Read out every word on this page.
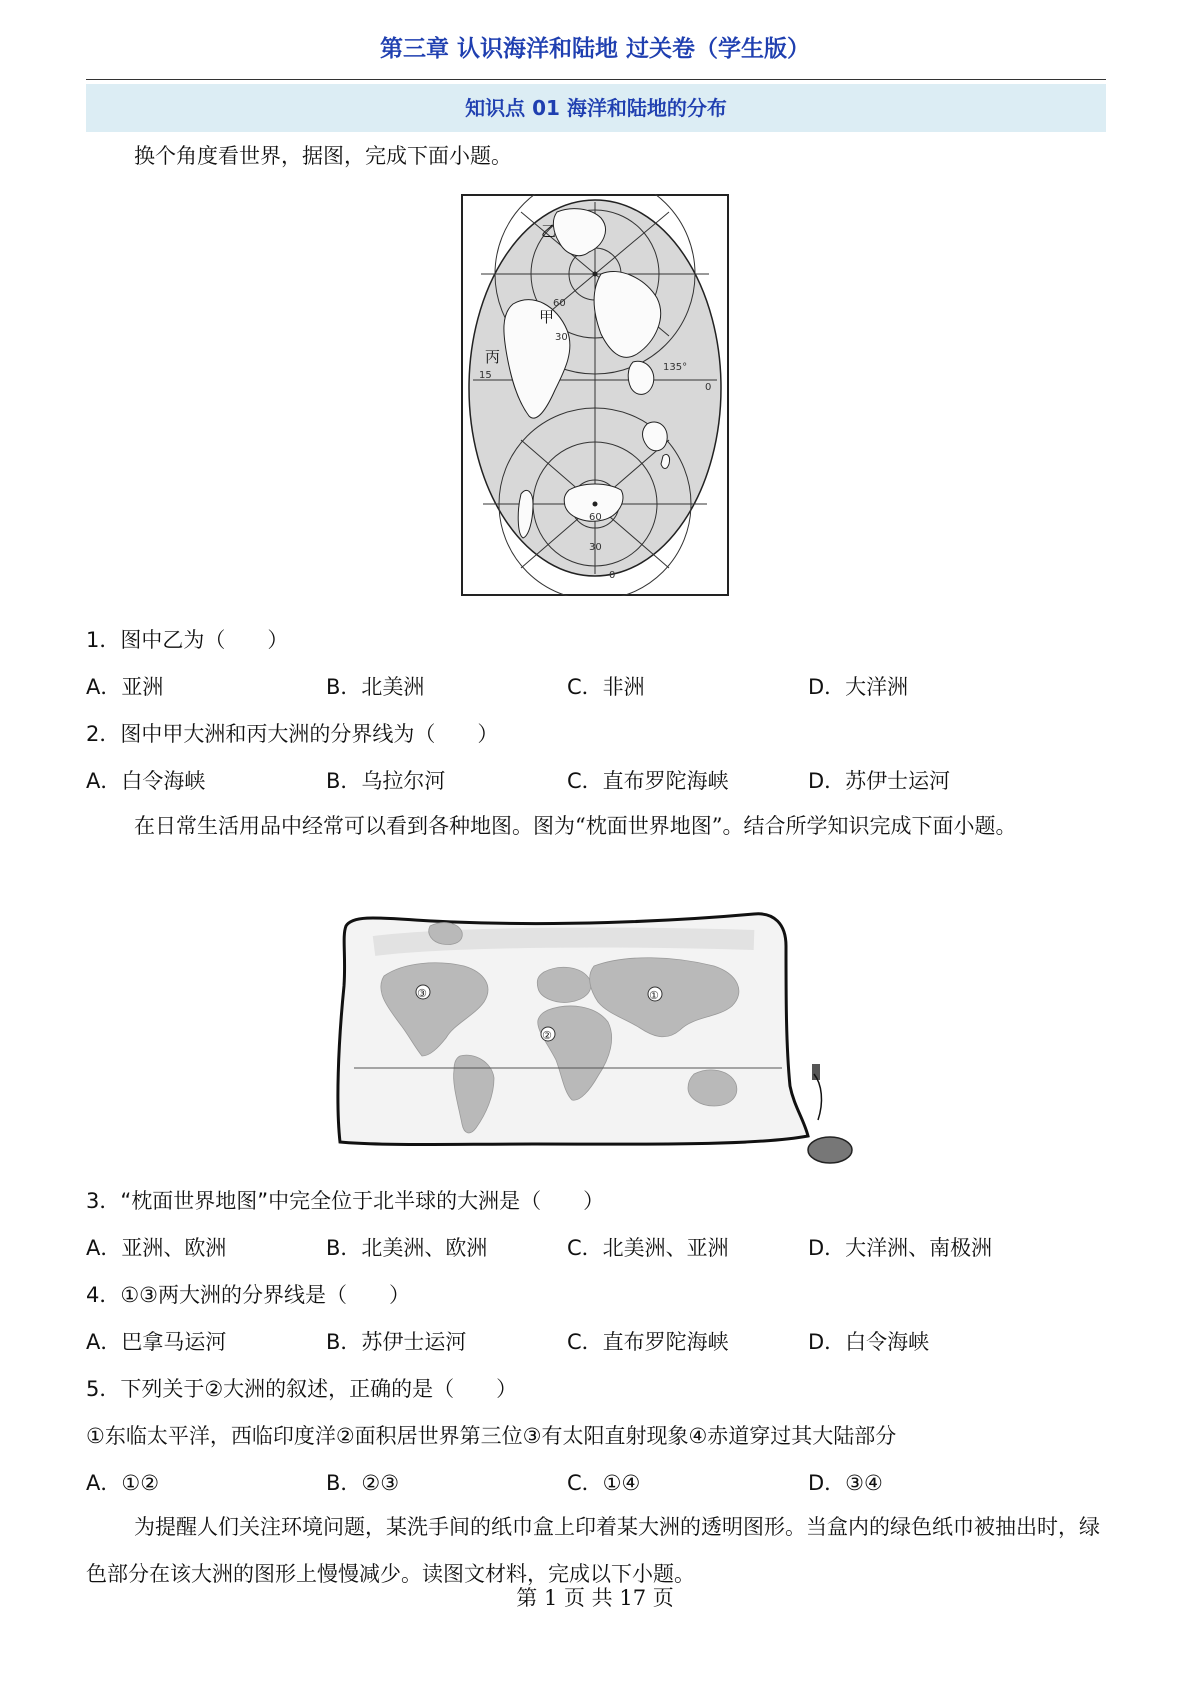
第三章 认识海洋和陆地 过关卷（学生版）
知识点 01 海洋和陆地的分布
换个角度看世界，据图，完成下面小题。
乙
甲
丙
60
30
15
135°
0
60
30
0
1．图中乙为（　　）
A．亚洲	B．北美洲	C．非洲	D．大洋洲
2．图中甲大洲和丙大洲的分界线为（　　）
A．白令海峡	B．乌拉尔河	C．直布罗陀海峡	D．苏伊士运河
在日常生活用品中经常可以看到各种地图。图为“枕面世界地图”。结合所学知识完成下面小题。
③	①
②
3．“枕面世界地图”中完全位于北半球的大洲是（　　）
A．亚洲、欧洲	B．北美洲、欧洲	C．北美洲、亚洲	D．大洋洲、南极洲
4．①③两大洲的分界线是（　　）
A．巴拿马运河	B．苏伊士运河	C．直布罗陀海峡	D．白令海峡
5．下列关于②大洲的叙述，正确的是（　　）
①东临太平洋，西临印度洋②面积居世界第三位③有太阳直射现象④赤道穿过其大陆部分
A．①②	B．②③	C．①④	D．③④
为提醒人们关注环境问题，某洗手间的纸巾盒上印着某大洲的透明图形。当盒内的绿色纸巾被抽出时，绿色部分在该大洲的图形上慢慢减少。读图文材料，完成以下小题。
第 1 页 共 17 页
